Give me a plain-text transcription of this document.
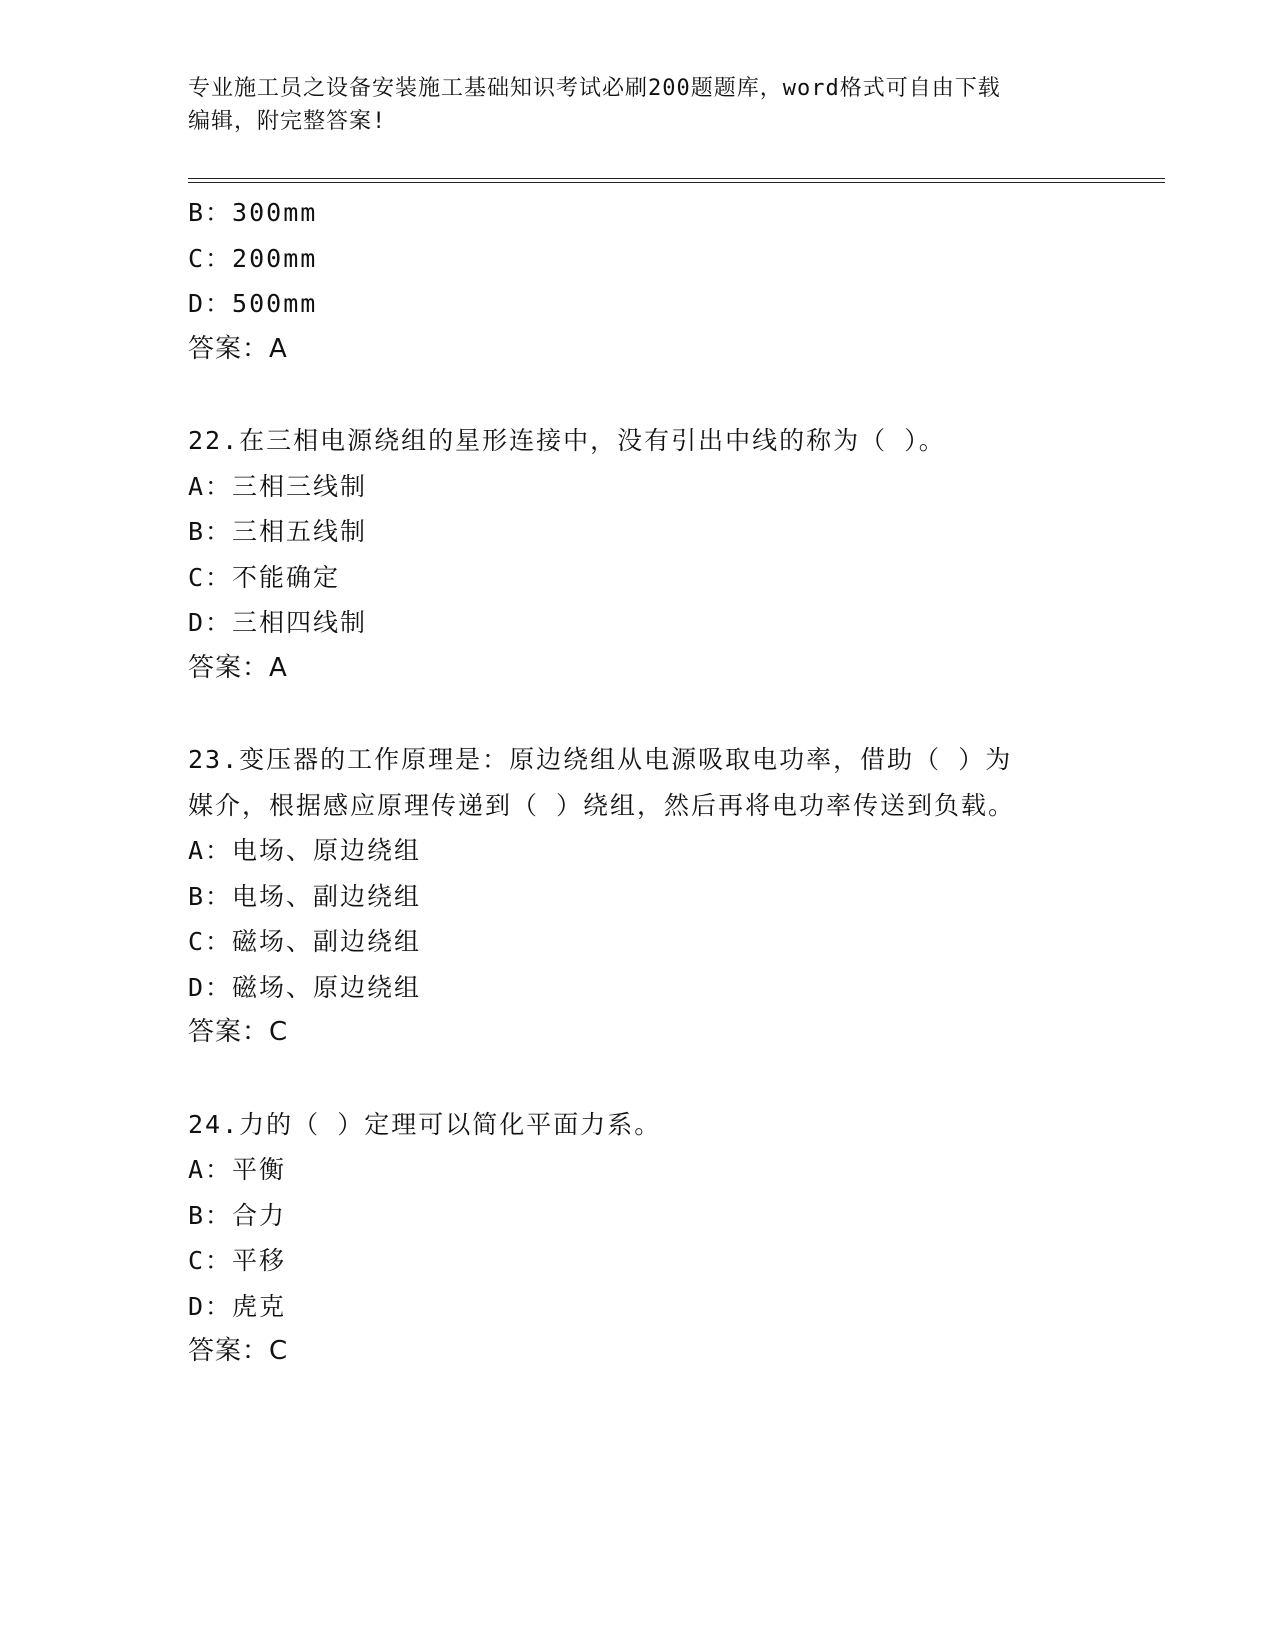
专业施工员之设备安装施工基础知识考试必刷200题题库，word格式可自由下载
编辑，附完整答案!
B：300mm
C：200mm
D：500mm
答案：A
22.在三相电源绕组的星形连接中，没有引出中线的称为（ ）。
A：三相三线制
B：三相五线制
C：不能确定
D：三相四线制
答案：A
23.变压器的工作原理是：原边绕组从电源吸取电功率，借助（ ）为
媒介，根据感应原理传递到（ ）绕组，然后再将电功率传送到负载。
A：电场、原边绕组
B：电场、副边绕组
C：磁场、副边绕组
D：磁场、原边绕组
答案：C
24.力的（ ）定理可以简化平面力系。
A：平衡
B：合力
C：平移
D：虎克
答案：C
